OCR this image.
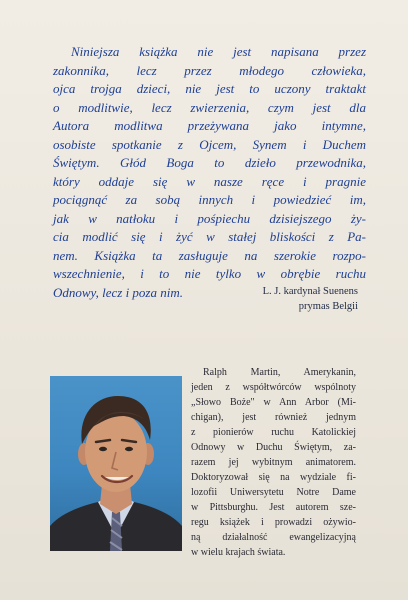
Niniejsza książka nie jest napisana przez
zakonnika, lecz przez młodego człowieka,
ojca trojga dzieci, nie jest to uczony traktakt
o modlitwie, lecz zwierzenia, czym jest dla
Autora modlitwa przeżywana jako intymne,
osobiste spotkanie z Ojcem, Synem i Duchem
Świętym. Głód Boga to dzieło przewodnika,
który oddaje się w nasze ręce i pragnie
pociągnąć za sobą innych i powiedzieć im,
jak w natłoku i pośpiechu dzisiejszego ży-
cia modlić się i żyć w stałej bliskości z Pa-
nem. Książka ta zasługuje na szerokie rozpo-
wszechnienie, i to nie tylko w obrębie ruchu
Odnowy, lecz i poza nim.	L. J. kardynał Suenens
prymas Belgii
Ralph Martin, Amerykanin,
jeden z współtwórców wspólnoty
„Słowo Boże" w Ann Arbor (Mi-
chigan), jest również jednym
z pionierów ruchu Katolickiej
Odnowy w Duchu Świętym, za-
razem jej wybitnym animatorem.
Doktoryzował się na wydziale fi-
lozofii Uniwersytetu Notre Dame
w Pittsburghu. Jest autorem sze-
regu książek i prowadzi ożywio-
ną działalność ewangelizacyjną
w wielu krajach świata.
